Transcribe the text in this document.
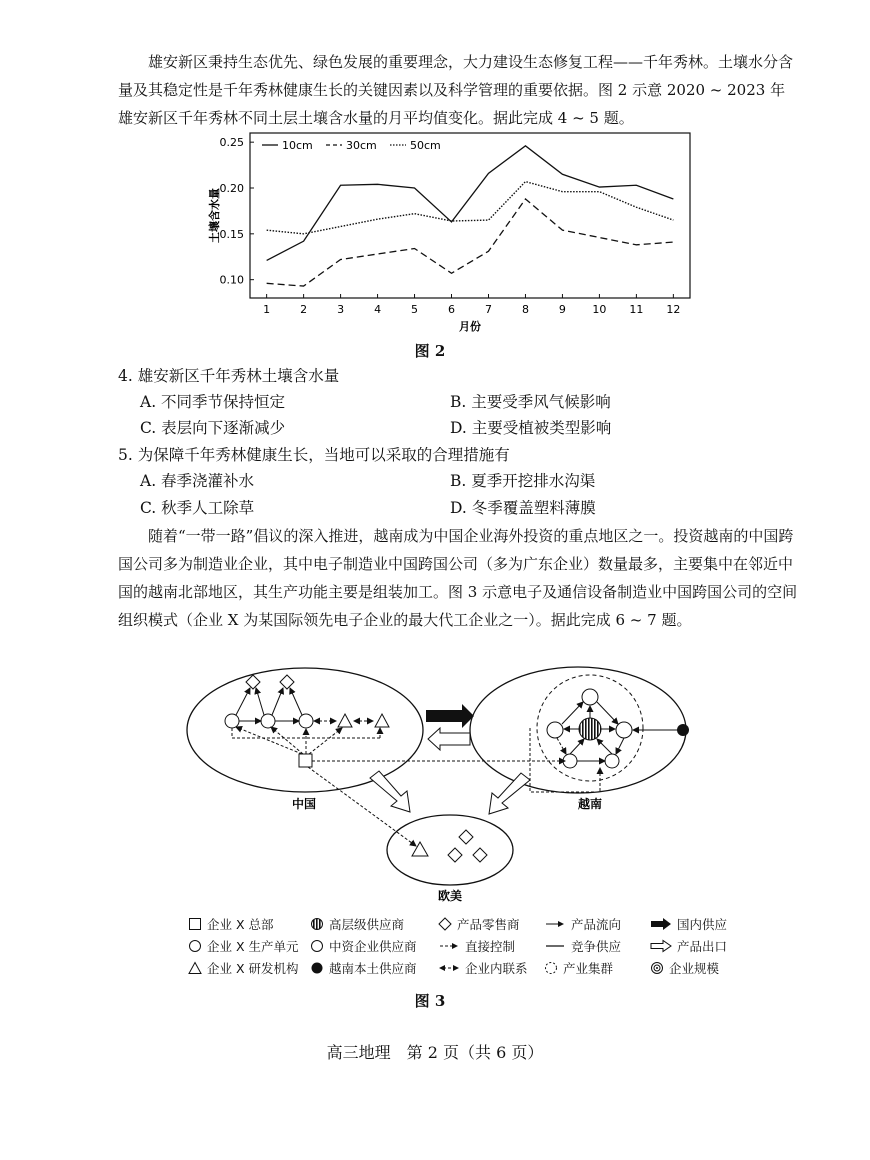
雄安新区秉持生态优先、绿色发展的重要理念，大力建设生态修复工程——千年秀林。土壤水分含量及其稳定性是千年秀林健康生长的关键因素以及科学管理的重要依据。图 2 示意 2020 ~ 2023 年雄安新区千年秀林不同土层土壤含水量的月平均值变化。据此完成 4 ~ 5 题。

0.10
0.15
0.20
0.25
1	2	3	4	5	6	7	8	9 10 11 12
月份
土壤含水量
10cm	30cm	50cm
图 2
4. 雄安新区千年秀林土壤含水量
A. 不同季节保持恒定	B. 主要受季风气候影响
C. 表层向下逐渐减少	D. 主要受植被类型影响
5. 为保障千年秀林健康生长，当地可以采取的合理措施有
A. 春季浇灌补水	B. 夏季开挖排水沟渠
C. 秋季人工除草	D. 冬季覆盖塑料薄膜

随着“一带一路”倡议的深入推进，越南成为中国企业海外投资的重点地区之一。投资越南的中国跨国公司多为制造业企业，其中电子制造业中国跨国公司（多为广东企业）数量最多，主要集中在邻近中国的越南北部地区，其生产功能主要是组装加工。图 3 示意电子及通信设备制造业中国跨国公司的空间组织模式（企业 X 为某国际领先电子企业的最大代工企业之一）。据此完成 6 ~ 7 题。

中国	越南
欧美
企业 X 总部	高层级供应商	产品零售商	产品流向	国内供应
企业 X 生产单元 中资企业供应商	直接控制	竞争供应	产品出口
企业 X 研发机构 越南本土供应商	企业内联系	产业集群	企业规模
图 3
高三地理　第 2 页（共 6 页）
